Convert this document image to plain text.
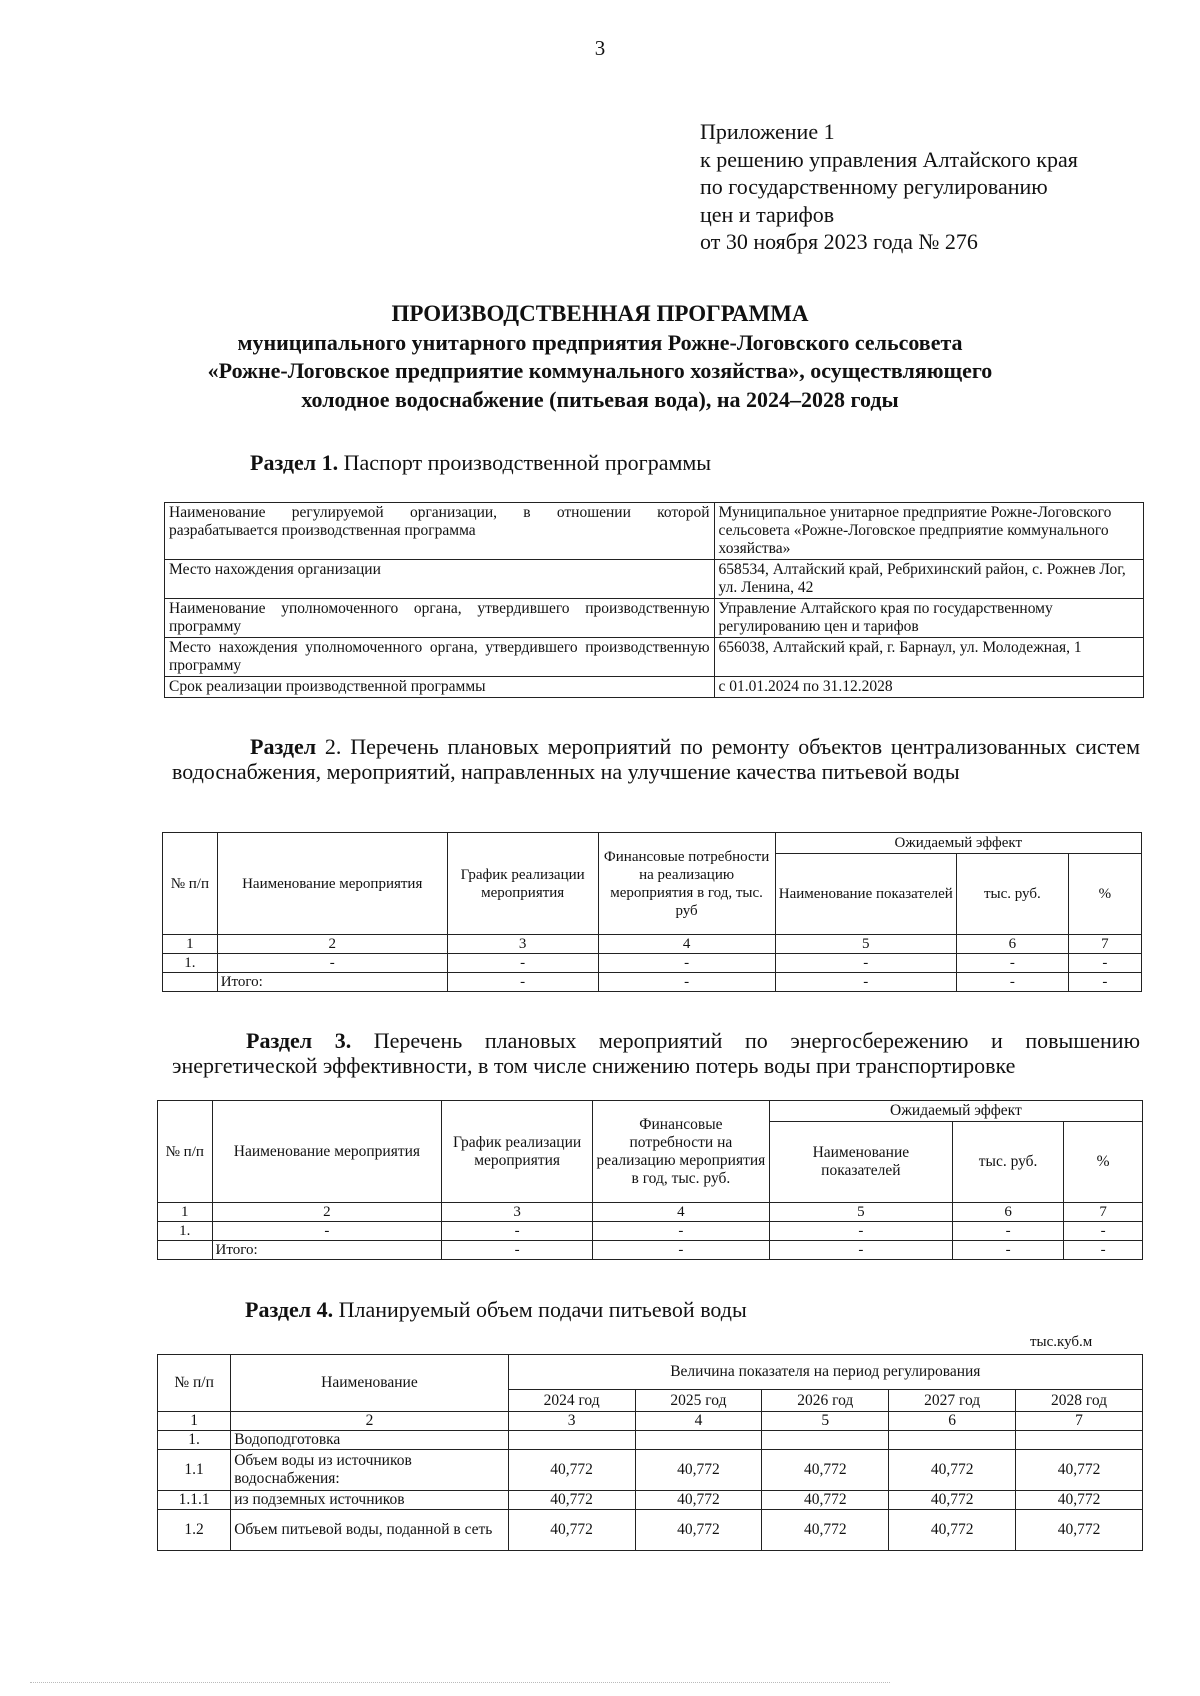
3
Приложение 1
к решению управления Алтайского края
по государственному регулированию
цен и тарифов
от 30 ноября 2023 года № 276
ПРОИЗВОДСТВЕННАЯ ПРОГРАММА
муниципального унитарного предприятия Рожне-Логовского сельсовета
«Рожне-Логовское предприятие коммунального хозяйства», осуществляющего
холодное водоснабжение (питьевая вода), на 2024–2028 годы
Раздел 1. Паспорт производственной программы
Наименование регулируемой организации, в отношении которой разрабатывается производственная программа	Муниципальное унитарное предприятие Рожне-Логовского сельсовета «Рожне-Логовское предприятие коммунального хозяйства»
Место нахождения организации	658534, Алтайский край, Ребрихинский район, с. Рожнев Лог, ул. Ленина, 42
Наименование уполномоченного органа, утвердившего производственную программу	Управление Алтайского края по государственному регулированию цен и тарифов
Место нахождения уполномоченного органа, утвердившего производственную программу	656038, Алтайский край, г. Барнаул, ул. Молодежная, 1
Срок реализации производственной программы	с 01.01.2024 по 31.12.2028
Раздел 2. Перечень плановых мероприятий по ремонту объектов централизованных систем водоснабжения, мероприятий, направленных на улучшение качества питьевой воды
№ п/п	Наименование мероприятия	График реализации мероприятия	Финансовые потребности на реализацию мероприятия в год, тыс. руб	Ожидаемый эффект		
				Наименование показателей	тыс. руб.	%
1	2	3	4	5	6	7
1.	-	-	-	-	-	-
	Итого:	-	-	-	-	-
Раздел 3. Перечень плановых мероприятий по энергосбережению и повышению энергетической эффективности, в том числе снижению потерь воды при транспортировке
№ п/п	Наименование мероприятия	График реализации мероприятия	Финансовые потребности на реализацию мероприятия в год, тыс. руб.	Ожидаемый эффект		
				Наименование показателей	тыс. руб.	%
1	2	3	4	5	6	7
1.	-	-	-	-	-	-
	Итого:	-	-	-	-	-
Раздел 4. Планируемый объем подачи питьевой воды
тыс.куб.м
№ п/п	Наименование	Величина показателя на период регулирования				
		2024 год	2025 год	2026 год	2027 год	2028 год
1	2	3	4	5	6	7
1.	Водоподготовка					
1.1	Объем воды из источников водоснабжения:	40,772	40,772	40,772	40,772	40,772
1.1.1	из подземных источников	40,772	40,772	40,772	40,772	40,772
1.2	Объем питьевой воды, поданной в сеть	40,772	40,772	40,772	40,772	40,772
